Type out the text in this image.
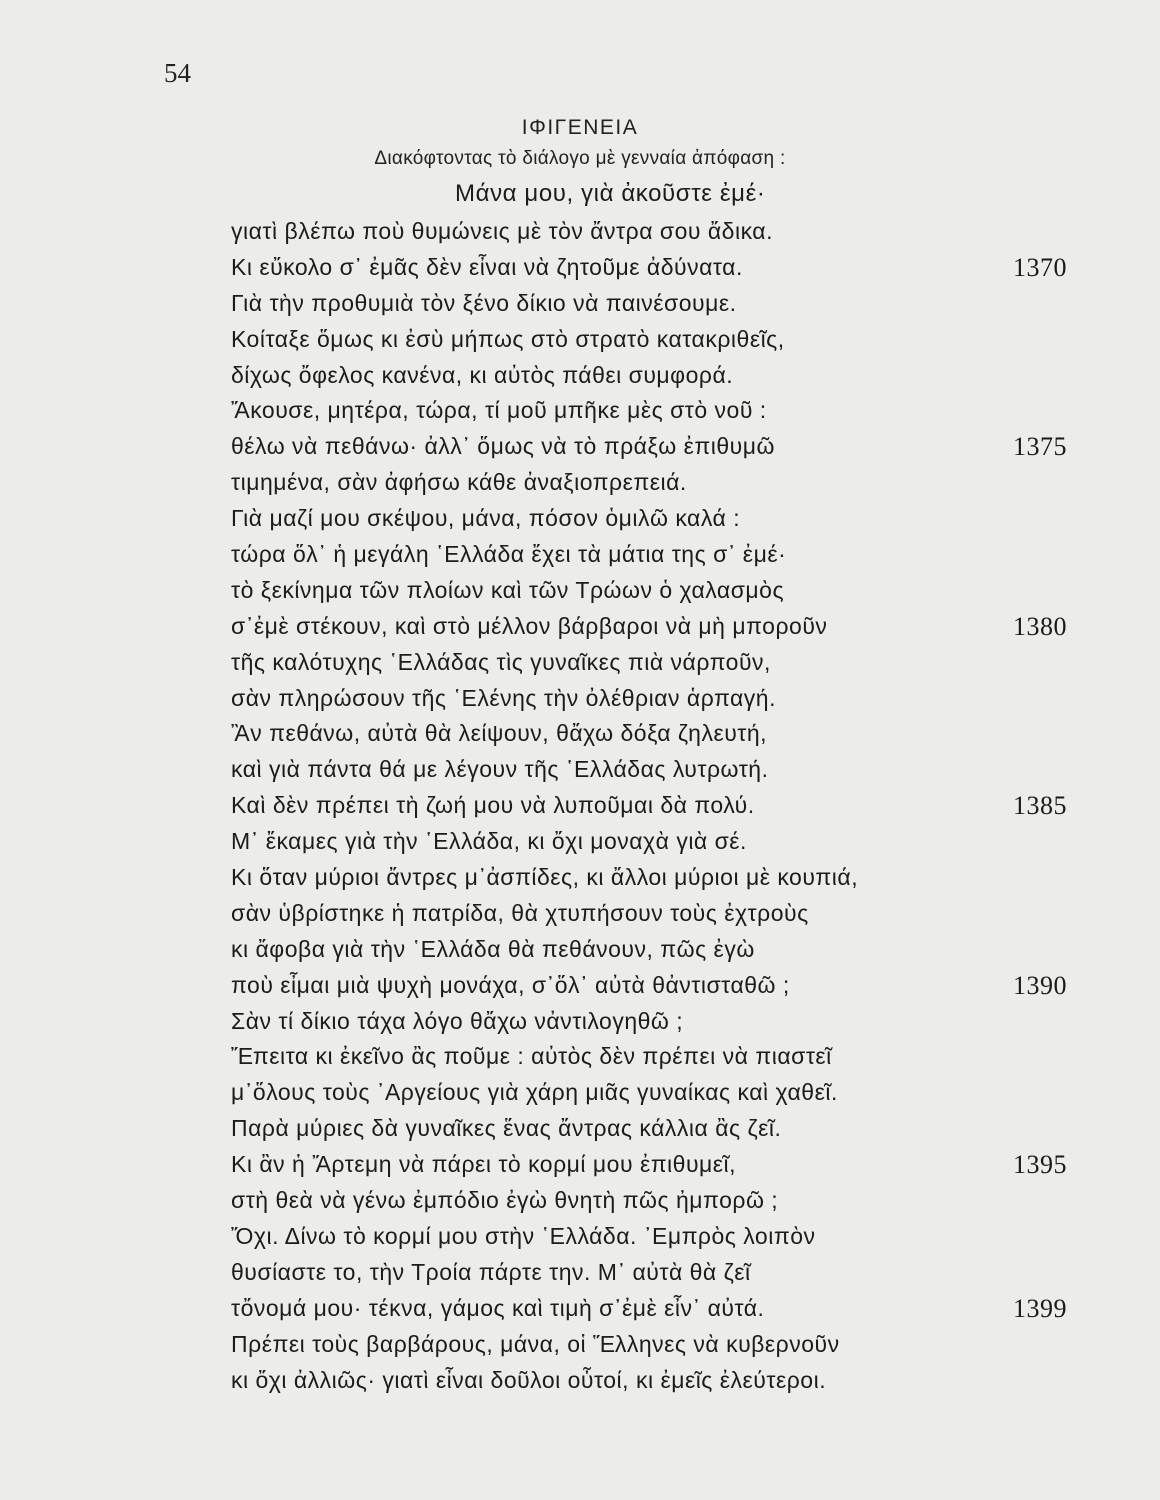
54
ΙΦΙΓΕΝΕΙΑ
Διακόφτοντας τὸ διάλογο μὲ γενναία ἀπόφαση :
Μάνα μου, γιὰ ἀκοῦστε ἐμέ·
γιατὶ βλέπω ποὺ θυμώνεις μὲ τὸν ἄντρα σου ἄδικα.
Κι εὔκολο σ᾽ ἐμᾶς δὲν εἶναι νὰ ζητοῦμε ἀδύνατα.	1370
Γιὰ τὴν προθυμιὰ τὸν ξένο δίκιο νὰ παινέσουμε.
Κοίταξε ὅμως κι ἐσὺ μήπως στὸ στρατὸ κατακριθεῖς,
δίχως ὄφελος κανένα, κι αὐτὸς πάθει συμφορά.
Ἄκουσε, μητέρα, τώρα, τί μοῦ μπῆκε μὲς στὸ νοῦ :
θέλω νὰ πεθάνω· ἀλλ᾽ ὅμως νὰ τὸ πράξω ἐπιθυμῶ	1375
τιμημένα, σὰν ἀφήσω κάθε ἀναξιοπρεπειά.
Γιὰ μαζί μου σκέψου, μάνα, πόσον ὁμιλῶ καλά :
τώρα ὅλ᾽ ἡ μεγάλη ῾Ελλάδα ἔχει τὰ μάτια της σ᾽ ἐμέ·
τὸ ξεκίνημα τῶν πλοίων καὶ τῶν Τρώων ὁ χαλασμὸς
σ᾽ἐμὲ στέκουν, καὶ στὸ μέλλον βάρβαροι νὰ μὴ μποροῦν	1380
τῆς καλότυχης ῾Ελλάδας τὶς γυναῖκες πιὰ νάρποῦν,
σὰν πληρώσουν τῆς ῾Ελένης τὴν ὀλέθριαν ἁρπαγή.
Ἂν πεθάνω, αὐτὰ θὰ λείψουν, θἄχω δόξα ζηλευτή,
καὶ γιὰ πάντα θά με λέγουν τῆς ῾Ελλάδας λυτρωτή.
Καὶ δὲν πρέπει τὴ ζωή μου νὰ λυποῦμαι δὰ πολύ.	1385
Μ᾽ ἔκαμες γιὰ τὴν ῾Ελλάδα, κι ὄχι μοναχὰ γιὰ σέ.
Κι ὅταν μύριοι ἄντρες μ᾽ἀσπίδες, κι ἄλλοι μύριοι μὲ κουπιά,
σὰν ὑβρίστηκε ἡ πατρίδα, θὰ χτυπήσουν τοὺς ἐχτροὺς
κι ἄφοβα γιὰ τὴν ῾Ελλάδα θὰ πεθάνουν, πῶς ἐγὼ
ποὺ εἶμαι μιὰ ψυχὴ μονάχα, σ᾽ὅλ᾽ αὐτὰ θἀντισταθῶ ;	1390
Σὰν τί δίκιο τάχα λόγο θἄχω νἀντιλογηθῶ ;
Ἔπειτα κι ἐκεῖνο ἂς ποῦμε : αὐτὸς δὲν πρέπει νὰ πιαστεῖ
μ᾽ὅλους τοὺς ᾽Αργείους γιὰ χάρη μιᾶς γυναίκας καὶ χαθεῖ.
Παρὰ μύριες δὰ γυναῖκες ἕνας ἄντρας κάλλια ἂς ζεῖ.
Κι ἂν ἡ Ἄρτεμη νὰ πάρει τὸ κορμί μου ἐπιθυμεῖ,	1395
στὴ θεὰ νὰ γένω ἐμπόδιο ἐγὼ θνητὴ πῶς ἠμπορῶ ;
Ὄχι. Δίνω τὸ κορμί μου στὴν ῾Ελλάδα. ᾽Εμπρὸς λοιπὸν
θυσίαστε το, τὴν Τροία πάρτε την. Μ᾽ αὐτὰ θὰ ζεῖ
τὄνομά μου· τέκνα, γάμος καὶ τιμὴ σ᾽ἐμὲ εἶν᾽ αὐτά.	1399
Πρέπει τοὺς βαρβάρους, μάνα, οἱ Ἕλληνες νὰ κυβερνοῦν
κι ὄχι ἀλλιῶς· γιατὶ εἶναι δοῦλοι οὗτοί, κι ἐμεῖς ἐλεύτεροι.
